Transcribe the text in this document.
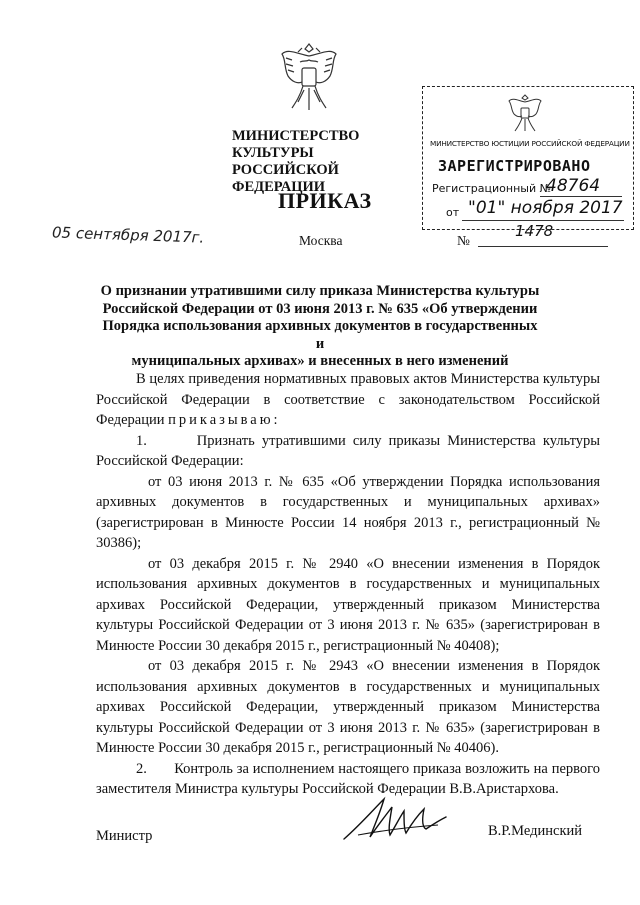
МИНИСТЕРСТВО КУЛЬТУРЫ
РОССИЙСКОЙ ФЕДЕРАЦИИ
ПРИКАЗ
05 сентября 2017г.	Москва	№
1478
МИНИСТЕРСТВО ЮСТИЦИИ РОССИЙСКОЙ ФЕДЕРАЦИИ
ЗАРЕГИСТРИРОВАНО
Регистрационный №
48764
от "01" ноября 2017
О признании утратившими силу приказа Министерства культуры
Российской Федерации от 03 июня 2013 г. № 635 «Об утверждении
Порядка использования архивных документов в государственных и
муниципальных архивах» и внесенных в него изменений

В целях приведения нормативных правовых актов Министерства культуры Российской Федерации в соответствие с законодательством Российской Федерации приказываю:

1.       Признать утратившими силу приказы Министерства культуры Российской Федерации:

от 03 июня 2013 г. № 635 «Об утверждении Порядка использования архивных документов в государственных и муниципальных архивах» (зарегистрирован в Минюсте России 14 ноября 2013 г., регистрационный № 30386);

от 03 декабря 2015 г. № 2940 «О внесении изменения в Порядок использования архивных документов в государственных и муниципальных архивах Российской Федерации, утвержденный приказом Министерства культуры Российской Федерации от 3 июня 2013 г. № 635» (зарегистрирован в Минюсте России 30 декабря 2015 г., регистрационный № 40408);

от 03 декабря 2015 г. № 2943 «О внесении изменения в Порядок использования архивных документов в государственных и муниципальных архивах Российской Федерации, утвержденный приказом Министерства культуры Российской Федерации от 3 июня 2013 г. № 635» (зарегистрирован в Минюсте России 30 декабря 2015 г., регистрационный № 40406).

2.       Контроль за исполнением настоящего приказа возложить на первого заместителя Министра культуры Российской Федерации В.В.Аристархова.

Министр	В.Р.Мединский
